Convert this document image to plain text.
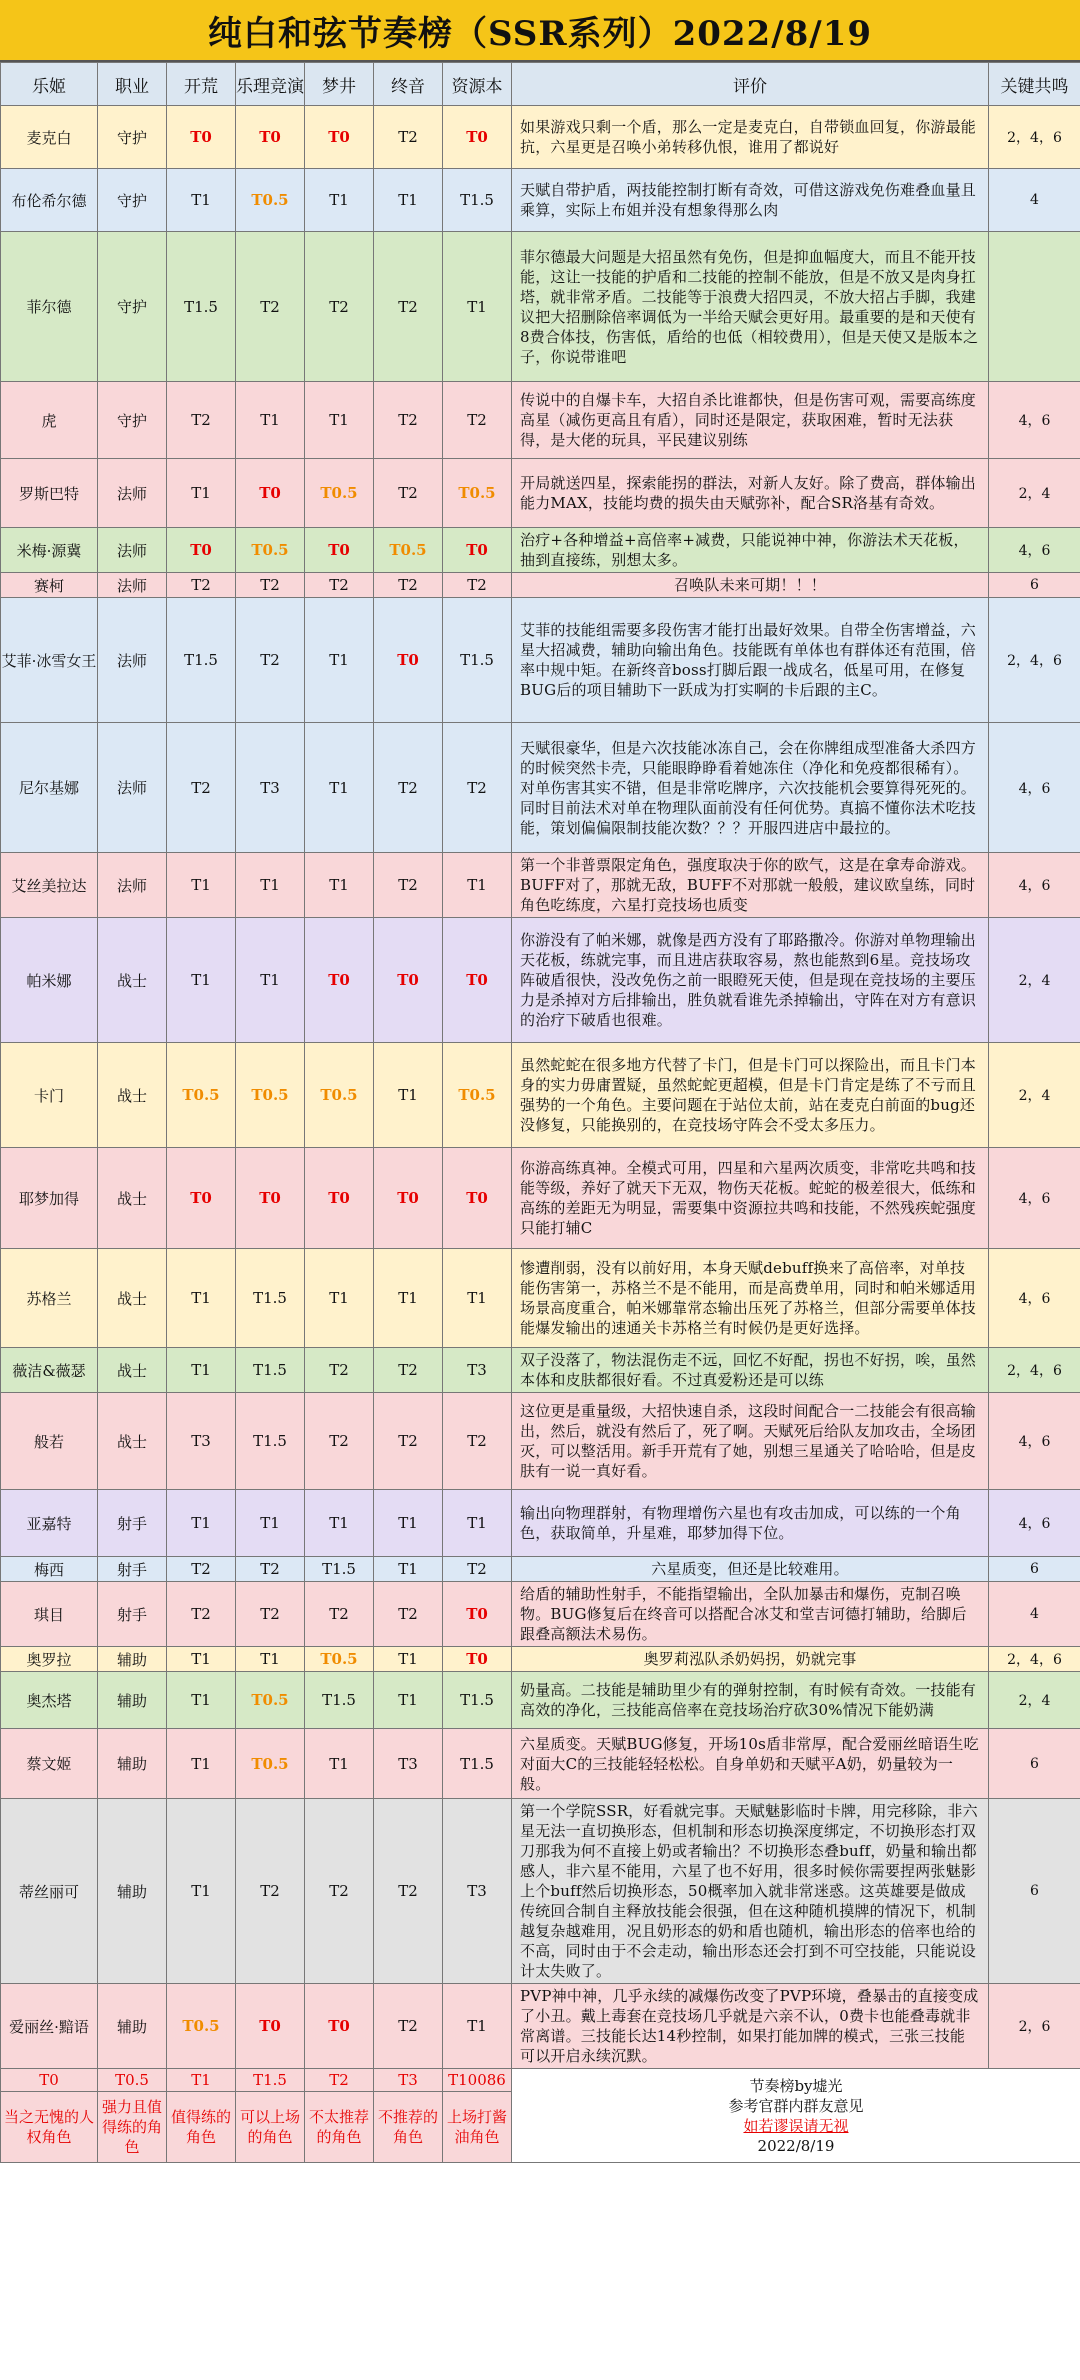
纯白和弦节奏榜（SSR系列）2022/8/19
乐姬	职业	开荒	乐理竞演	梦井	终音	资源本	评价	关键共鸣
麦克白	守护	T0	T0	T0	T2	T0	如果游戏只剩一个盾，那么一定是麦克白，自带锁血回复，你游最能抗，六星更是召唤小弟转移仇恨，谁用了都说好	2，4，6
布伦希尔德	守护	T1	T0.5	T1	T1	T1.5	天赋自带护盾，两技能控制打断有奇效，可借这游戏免伤难叠血量且乘算，实际上布姐并没有想象得那么肉	4
菲尔德	守护	T1.5	T2	T2	T2	T1	菲尔德最大问题是大招虽然有免伤，但是抑血幅度大，而且不能开技能，这让一技能的护盾和二技能的控制不能放，但是不放又是肉身扛塔，就非常矛盾。二技能等于浪费大招四灵，不放大招占手脚，我建议把大招删除倍率调低为一半给天赋会更好用。最重要的是和天使有8费合体技，伤害低，盾给的也低（相较费用），但是天使又是版本之子，你说带谁吧	
虎	守护	T2	T1	T1	T2	T2	传说中的自爆卡车，大招自杀比谁都快，但是伤害可观，需要高练度高星（减伤更高且有盾），同时还是限定，获取困难，暂时无法获得，是大佬的玩具，平民建议别练	4，6
罗斯巴特	法师	T1	T0	T0.5	T2	T0.5	开局就送四星，探索能拐的群法，对新人友好。除了费高，群体输出能力MAX，技能均费的损失由天赋弥补，配合SR洛基有奇效。	2，4
米梅·源冀	法师	T0	T0.5	T0	T0.5	T0	治疗+各种增益+高倍率+减费，只能说神中神，你游法术天花板，抽到直接练，别想太多。	4，6
赛柯	法师	T2	T2	T2	T2	T2	召唤队未来可期！！！	6
艾菲·冰雪女王	法师	T1.5	T2	T1	T0	T1.5	艾菲的技能组需要多段伤害才能打出最好效果。自带全伤害增益，六星大招减费，辅助向输出角色。技能既有单体也有群体还有范围，倍率中规中矩。在新终音boss打脚后跟一战成名，低星可用，在修复BUG后的项目辅助下一跃成为打实啊的卡后跟的主C。	2，4，6
尼尔基娜	法师	T2	T3	T1	T2	T2	天赋很豪华，但是六次技能冰冻自己，会在你牌组成型准备大杀四方的时候突然卡壳，只能眼睁睁看着她冻住（净化和免疫都很稀有）。对单伤害其实不错，但是非常吃牌序，六次技能机会要算得死死的。同时目前法术对单在物理队面前没有任何优势。真搞不懂你法术吃技能，策划偏偏限制技能次数？？？开服四进店中最拉的。	4，6
艾丝美拉达	法师	T1	T1	T1	T2	T1	第一个非普票限定角色，强度取决于你的欧气，这是在拿寿命游戏。BUFF对了，那就无敌，BUFF不对那就一般般，建议欧皇练，同时角色吃练度，六星打竞技场也质变	4，6
帕米娜	战士	T1	T1	T0	T0	T0	你游没有了帕米娜，就像是西方没有了耶路撒冷。你游对单物理输出天花板，练就完事，而且进店获取容易，熬也能熬到6星。竞技场攻阵破盾很快，没改免伤之前一眼瞪死天使，但是现在竞技场的主要压力是杀掉对方后排输出，胜负就看谁先杀掉输出，守阵在对方有意识的治疗下破盾也很难。	2，4
卡门	战士	T0.5	T0.5	T0.5	T1	T0.5	虽然蛇蛇在很多地方代替了卡门，但是卡门可以探险出，而且卡门本身的实力毋庸置疑，虽然蛇蛇更超模，但是卡门肯定是练了不亏而且强势的一个角色。主要问题在于站位太前，站在麦克白前面的bug还没修复，只能换别的，在竞技场守阵会不受太多压力。	2，4
耶梦加得	战士	T0	T0	T0	T0	T0	你游高练真神。全模式可用，四星和六星两次质变，非常吃共鸣和技能等级，养好了就天下无双，物伤天花板。蛇蛇的极差很大，低练和高练的差距无为明显，需要集中资源拉共鸣和技能，不然残疾蛇强度只能打辅C	4，6
苏格兰	战士	T1	T1.5	T1	T1	T1	惨遭削弱，没有以前好用，本身天赋debuff换来了高倍率，对单技能伤害第一，苏格兰不是不能用，而是高费单用，同时和帕米娜适用场景高度重合，帕米娜靠常态输出压死了苏格兰，但部分需要单体技能爆发输出的速通关卡苏格兰有时候仍是更好选择。	4，6
薇洁&薇瑟	战士	T1	T1.5	T2	T2	T3	双子没落了，物法混伤走不远，回忆不好配，拐也不好拐，唉，虽然本体和皮肤都很好看。不过真爱粉还是可以练	2，4，6
般若	战士	T3	T1.5	T2	T2	T2	这位更是重量级，大招快速自杀，这段时间配合一二技能会有很高输出，然后，就没有然后了，死了啊。天赋死后给队友加攻击，全场团灭，可以整活用。新手开荒有了她，别想三星通关了哈哈哈，但是皮肤有一说一真好看。	4，6
亚嘉特	射手	T1	T1	T1	T1	T1	输出向物理群射，有物理增伤六星也有攻击加成，可以练的一个角色，获取简单，升星难，耶梦加得下位。	4，6
梅西	射手	T2	T2	T1.5	T1	T2	六星质变，但还是比较难用。	6
琪目	射手	T2	T2	T2	T2	T0	给盾的辅助性射手，不能指望输出，全队加暴击和爆伤，克制召唤物。BUG修复后在终音可以搭配合冰艾和堂吉诃德打辅助，给脚后跟叠高额法术易伤。	4
奥罗拉	辅助	T1	T1	T0.5	T1	T0	奥罗莉泓队杀奶妈拐，奶就完事	2，4，6
奥杰塔	辅助	T1	T0.5	T1.5	T1	T1.5	奶量高。二技能是辅助里少有的弹射控制，有时候有奇效。一技能有高效的净化，三技能高倍率在竞技场治疗砍30%情况下能奶满	2，4
蔡文姬	辅助	T1	T0.5	T1	T3	T1.5	六星质变。天赋BUG修复，开场10s盾非常厚，配合爱丽丝暗语生吃对面大C的三技能轻轻松松。自身单奶和天赋平A奶，奶量较为一般。	6
蒂丝丽可	辅助	T1	T2	T2	T2	T3	第一个学院SSR，好看就完事。天赋魅影临时卡牌，用完移除，非六星无法一直切换形态，但机制和形态切换深度绑定，不切换形态打双刀那我为何不直接上奶或者输出？不切换形态叠buff，奶量和输出都感人，非六星不能用，六星了也不好用，很多时候你需要捏两张魅影上个buff然后切换形态，50概率加入就非常迷惑。这英雄要是做成传统回合制自主释放技能会很强，但在这种随机摸牌的情况下，机制越复杂越难用，况且奶形态的奶和盾也随机，输出形态的倍率也给的不高，同时由于不会走动，输出形态还会打到不可空技能，只能说设计太失败了。	6
爱丽丝·黯语	辅助	T0.5	T0	T0	T2	T1	PVP神中神，几乎永续的减爆伤改变了PVP环境，叠暴击的直接变成了小丑。戴上毒套在竞技场几乎就是六亲不认，0费卡也能叠毒就非常离谱。三技能长达14秒控制，如果打能加牌的模式，三张三技能可以开启永续沉默。	2，6
T0	T0.5	T1	T1.5	T2	T3	T10086	节奏榜by墟光
参考官群内群友意见
如若谬误请无视
2022/8/19	

当之无愧的人权角色	强力且值得练的角色	值得练的角色	可以上场的角色	不太推荐的角色	不推荐的角色	上场打酱油角色		
